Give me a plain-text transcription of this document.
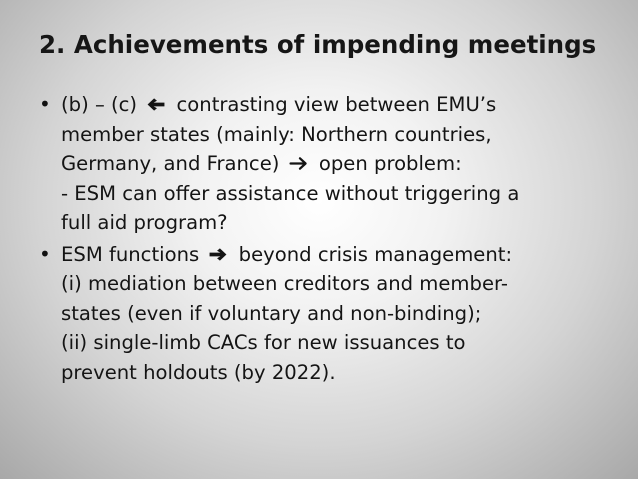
2. Achievements of impending meetings
• (b) – (c) contrasting view between EMU’s
member states (mainly: Northern countries,
Germany, and France) open problem:
- ESM can offer assistance without triggering a
full aid program?
• ESM functions beyond crisis management:
(i) mediation between creditors and member-
states (even if voluntary and non-binding);
(ii) single-limb CACs for new issuances to
prevent holdouts (by 2022).
